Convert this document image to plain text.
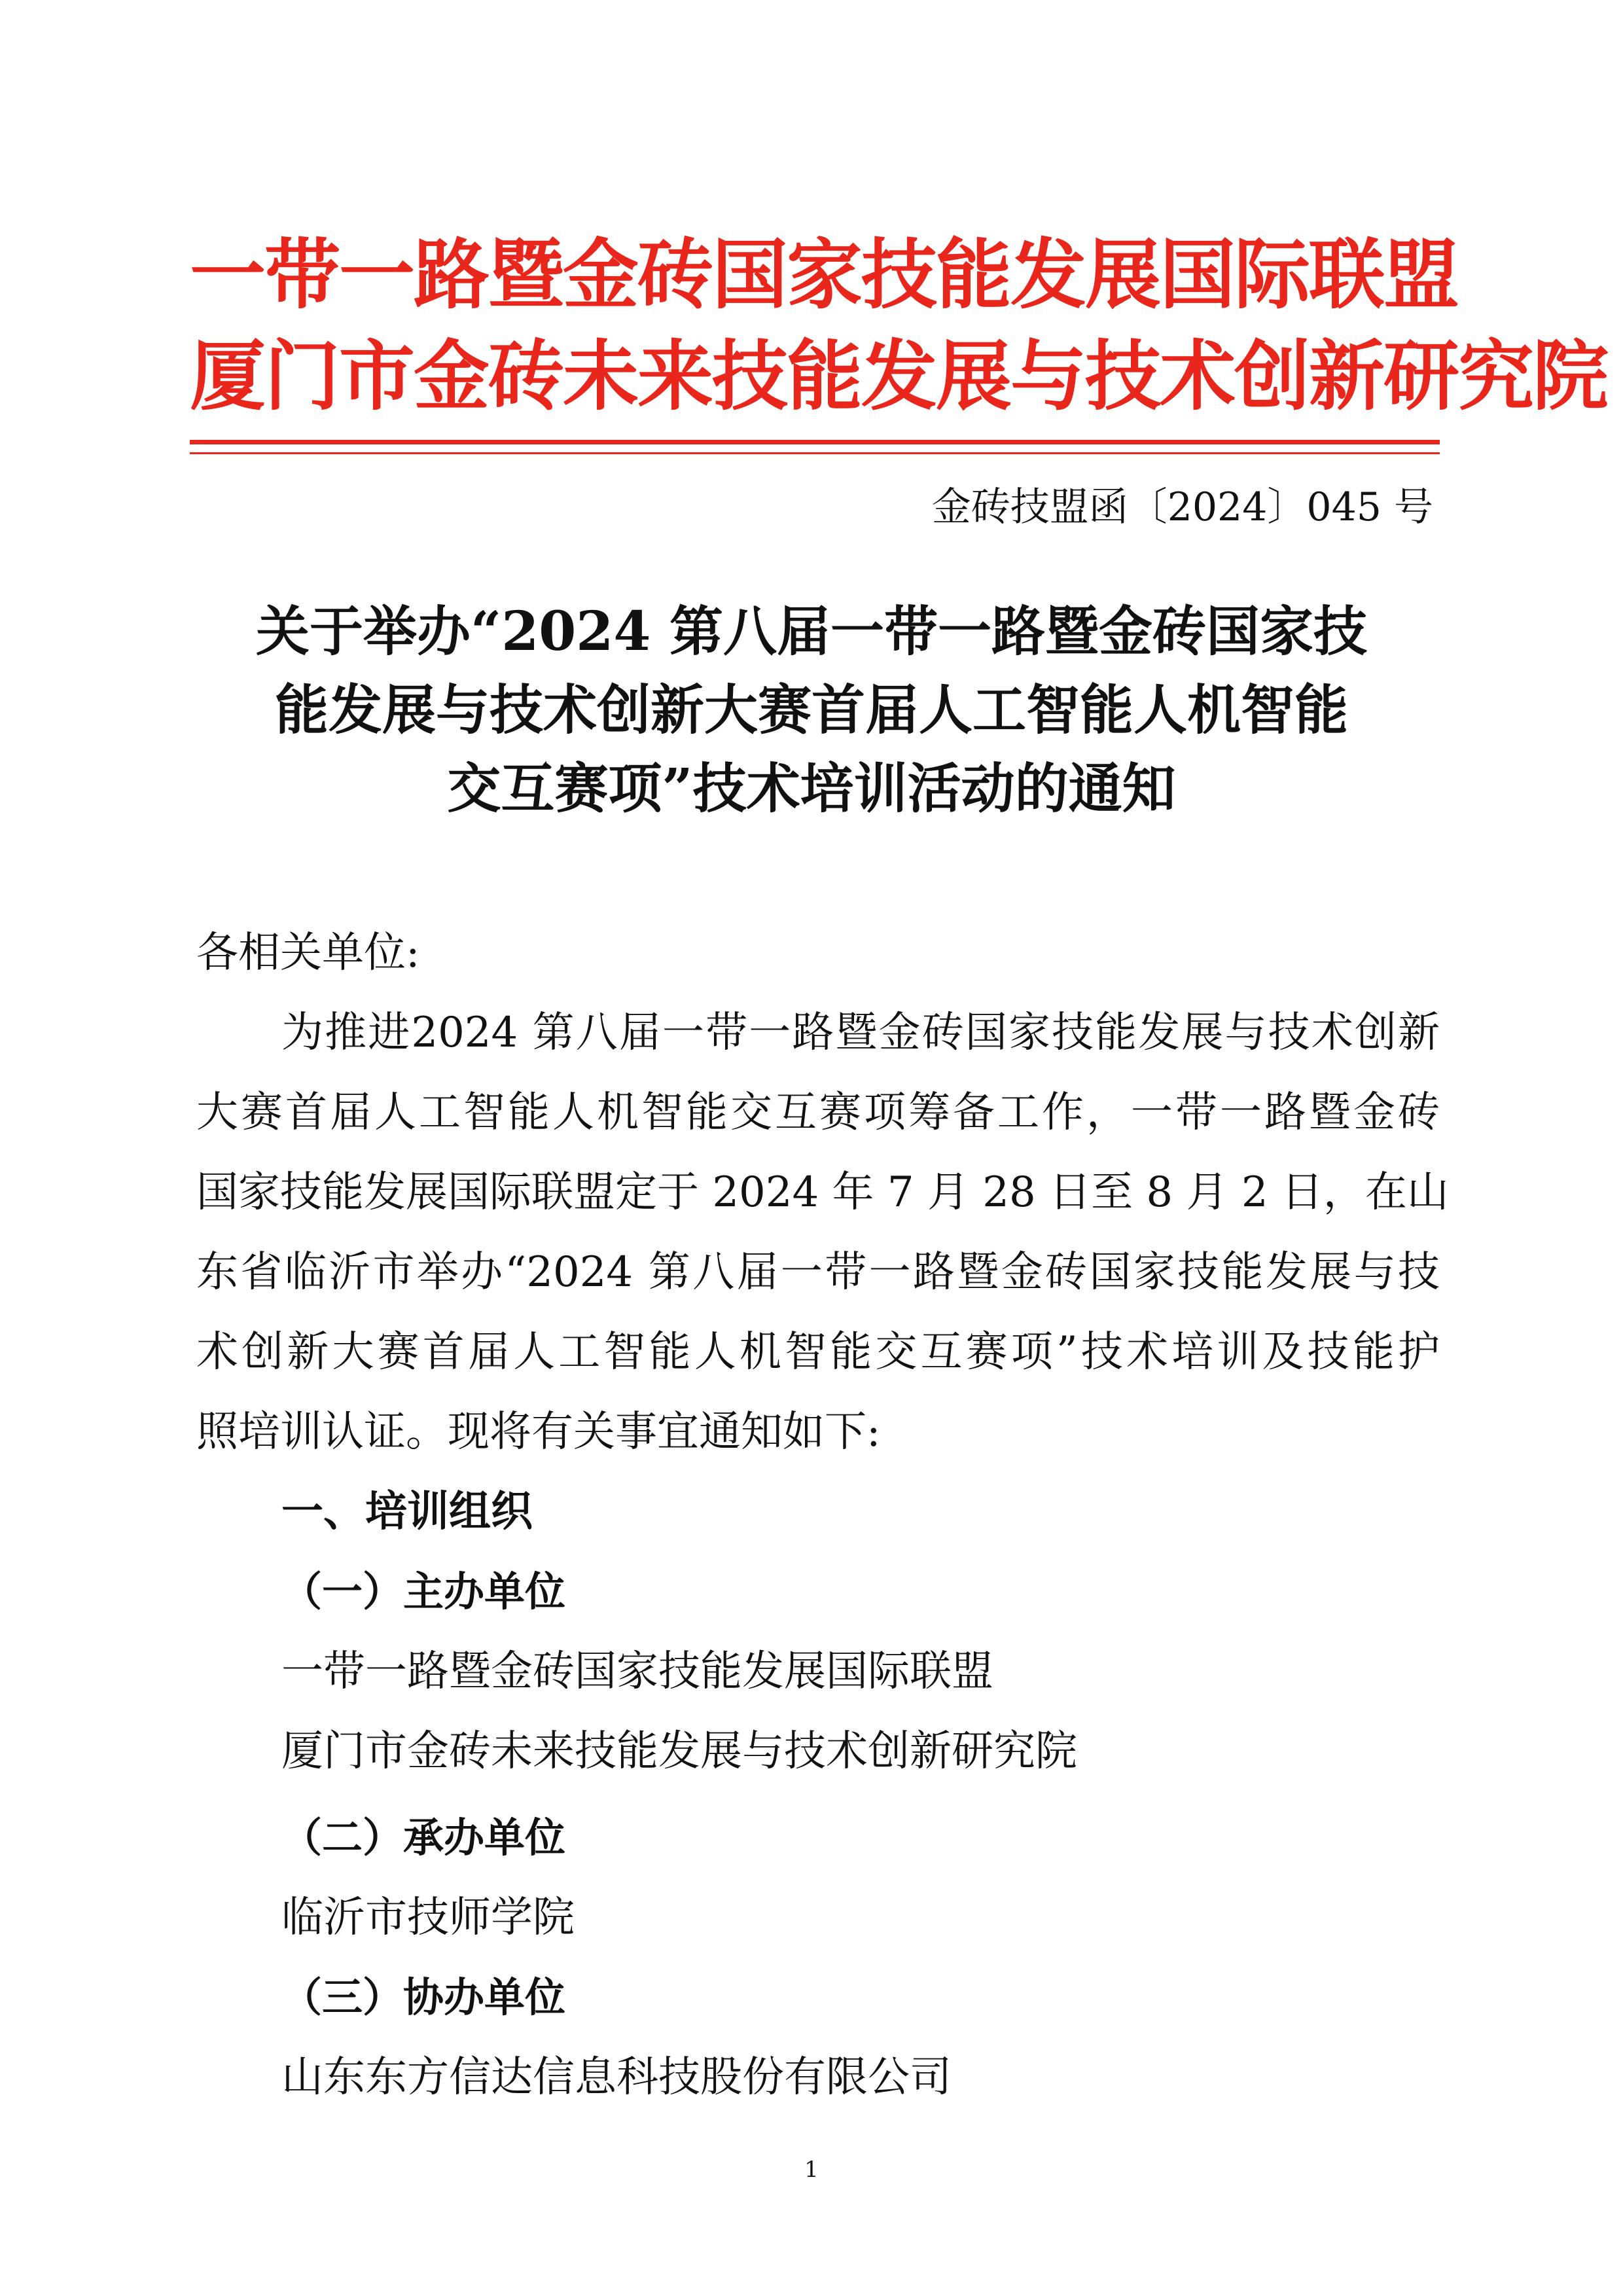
一带一路暨金砖国家技能发展国际联盟
厦门市金砖未来技能发展与技术创新研究院
金砖技盟函〔2024〕045 号
关于举办“2024 第八届一带一路暨金砖国家技
能发展与技术创新大赛首届人工智能人机智能
交互赛项”技术培训活动的通知
各相关单位:
为推进2024 第八届一带一路暨金砖国家技能发展与技术创新
大赛首届人工智能人机智能交互赛项筹备工作，一带一路暨金砖
国家技能发展国际联盟定于 2024 年 7 月 28 日至 8 月 2 日，在山
东省临沂市举办“2024 第八届一带一路暨金砖国家技能发展与技
术创新大赛首届人工智能人机智能交互赛项”技术培训及技能护
照培训认证。现将有关事宜通知如下:
一、培训组织
（一）主办单位
一带一路暨金砖国家技能发展国际联盟
厦门市金砖未来技能发展与技术创新研究院
（二）承办单位
临沂市技师学院
（三）协办单位
山东东方信达信息科技股份有限公司
1
